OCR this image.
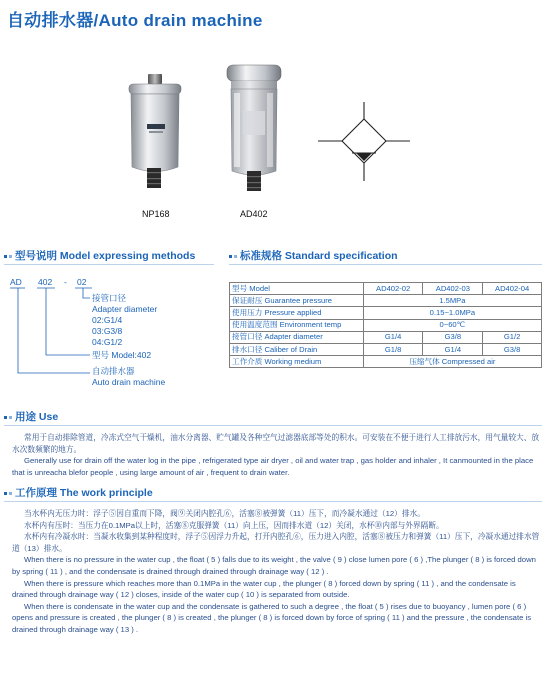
自动排水器/Auto drain machine
NP168	AD402
型号说明 Model expressing methods	标准规格 Standard specification
AD 402 - 02
接管口径
Adapter diameter
02:G1/4
03:G3/8
04:G1/2
型号 Model:402
自动排水器
Auto drain machine
型号 Model	AD402-02	AD402-03	AD402-04
保证耐压 Guarantee pressure	1.5MPa		
使用压力 Pressure applied	0.15~1.0MPa		
使用温度范围 Environment temp	0~60℃		
接管口径 Adapter diameter	G1/4	G3/8	G1/2
排水口径 Caliber of Drain	G1/8	G1/4	G3/8
工作介质 Working medium	压缩气体 Compressed air		
用途 Use

常用于自动排除管道，冷冻式空气干燥机，油水分离器、贮气罐及各种空气过滤器底部等处的积水。可安装在不便于进行人工排放污水，用气量较大、放水次数频繁的地方。

Generally use for drain off the water log in the pipe , refrigerated type air dryer , oil and water trap , gas holder and inhaler , It canmounted in the place that is unreacha blefor people , using large amount of air , frequent to drain water.

工作原理 The work principle

当水杯内无压力时：浮子⑤因自重而下降，阀⑨关闭内腔孔⑥，活塞⑧被弹簧（11）压下，而冷凝水通过（12）排水。

水杯内有压时：当压力在0.1MPa以上时，活塞⑧克服弹簧（11）向上压，因而排水道（12）关闭，水杯⑩内部与外界隔断。

水杯内有冷凝水时：当凝水收集到某种程度时，浮子⑤因浮力升起，打开内腔孔⑥，压力进入内腔，活塞⑧被压力和弹簧（11）压下，冷凝水通过排水管道（13）排水。

When there is no pressure in the water cup , the float ( 5 ) falls due to its weight , the valve ( 9 ) close lumen pore ( 6 ) ,The plunger ( 8 ) is forced down by spring ( 11 ) , and the condensate is drained through drained through drainage way ( 12 ) .

When there is pressure which reaches more than 0.1MPa in the water cup , the plunger ( 8 ) forced down by spring ( 11 ) , and the condensate is drained through drainage way ( 12 ) closes, inside of the water cup ( 10 ) is separated from outside.

When there is condensate in the water cup and the condensate is gathered to such a degree , the float ( 5 ) rises due to buoyancy , lumen pore ( 6 ) opens and pressure is created , the plunger ( 8 ) is created , the plunger ( 8 ) is forced down by force of spring ( 11 ) and the pressure , the condensate is drained through drainage way ( 13 ) .
